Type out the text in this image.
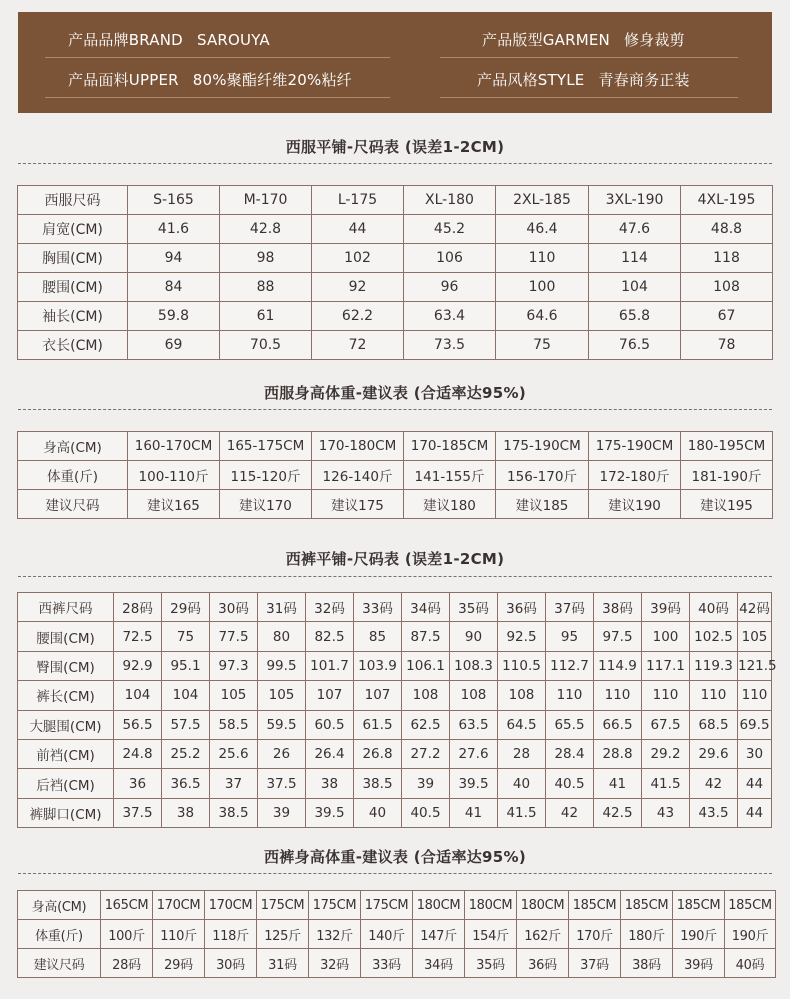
产品品牌BRAND SAROUYA	产品版型GARMEN 修身裁剪
产品面料UPPER 80%聚酯纤维20%粘纤	产品风格STYLE 青春商务正装
西服平铺-尺码表 (误差1-2CM)
西服尺码	S-165	M-170	L-175	XL-180	2XL-185	3XL-190	4XL-195
肩宽(CM)	41.6	42.8	44	45.2	46.4	47.6	48.8
胸围(CM)	94	98	102	106	110	114	118
腰围(CM)	84	88	92	96	100	104	108
袖长(CM)	59.8	61	62.2	63.4	64.6	65.8	67
衣长(CM)	69	70.5	72	73.5	75	76.5	78
西服身高体重-建议表 (合适率达95%)
身高(CM)	160-170CM	165-175CM	170-180CM	170-185CM	175-190CM	175-190CM	180-195CM
体重(斤)	100-110斤	115-120斤	126-140斤	141-155斤	156-170斤	172-180斤	181-190斤
建议尺码	建议165	建议170	建议175	建议180	建议185	建议190	建议195
西裤平铺-尺码表 (误差1-2CM)
西裤尺码	28码	29码	30码	31码	32码	33码	34码	35码	36码	37码	38码	39码	40码	42码
腰围(CM)	72.5	75	77.5	80	82.5	85	87.5	90	92.5	95	97.5	100	102.5	105
臀围(CM)	92.9	95.1	97.3	99.5	101.7	103.9	106.1	108.3	110.5	112.7	114.9	117.1	119.3	121.5
裤长(CM)	104	104	105	105	107	107	108	108	108	110	110	110	110	110
大腿围(CM)	56.5	57.5	58.5	59.5	60.5	61.5	62.5	63.5	64.5	65.5	66.5	67.5	68.5	69.5
前裆(CM)	24.8	25.2	25.6	26	26.4	26.8	27.2	27.6	28	28.4	28.8	29.2	29.6	30
后裆(CM)	36	36.5	37	37.5	38	38.5	39	39.5	40	40.5	41	41.5	42	44
裤脚口(CM)	37.5	38	38.5	39	39.5	40	40.5	41	41.5	42	42.5	43	43.5	44
西裤身高体重-建议表 (合适率达95%)
身高(CM)	165CM	170CM	170CM	175CM	175CM	175CM	180CM	180CM	180CM	185CM	185CM	185CM	185CM
体重(斤)	100斤	110斤	118斤	125斤	132斤	140斤	147斤	154斤	162斤	170斤	180斤	190斤	190斤
建议尺码	28码	29码	30码	31码	32码	33码	34码	35码	36码	37码	38码	39码	40码
